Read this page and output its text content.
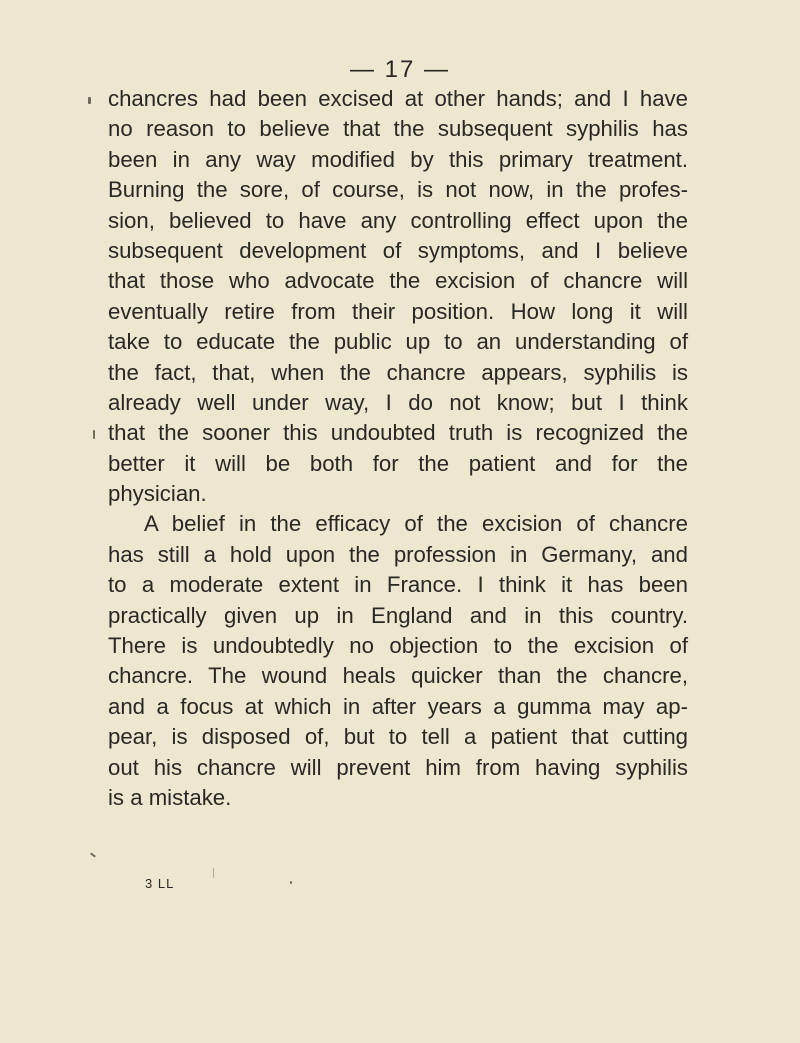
— 17 —
chancres had been excised at other hands; and I have
no reason to believe that the subsequent syphilis has
been in any way modified by this primary treatment.
Burning the sore, of course, is not now, in the profes-
sion, believed to have any controlling effect upon the
subsequent development of symptoms, and I believe
that those who advocate the excision of chancre will
eventually retire from their position. How long it will
take to educate the public up to an understanding of
the fact, that, when the chancre appears, syphilis is
already well under way, I do not know; but I think
that the sooner this undoubted truth is recognized the
better it will be both for the patient and for the
physician.
A belief in the efficacy of the excision of chancre
has still a hold upon the profession in Germany, and
to a moderate extent in France. I think it has been
practically given up in England and in this country.
There is undoubtedly no objection to the excision of
chancre. The wound heals quicker than the chancre,
and a focus at which in after years a gumma may ap-
pear, is disposed of, but to tell a patient that cutting
out his chancre will prevent him from having syphilis
is a mistake.
3 LL
